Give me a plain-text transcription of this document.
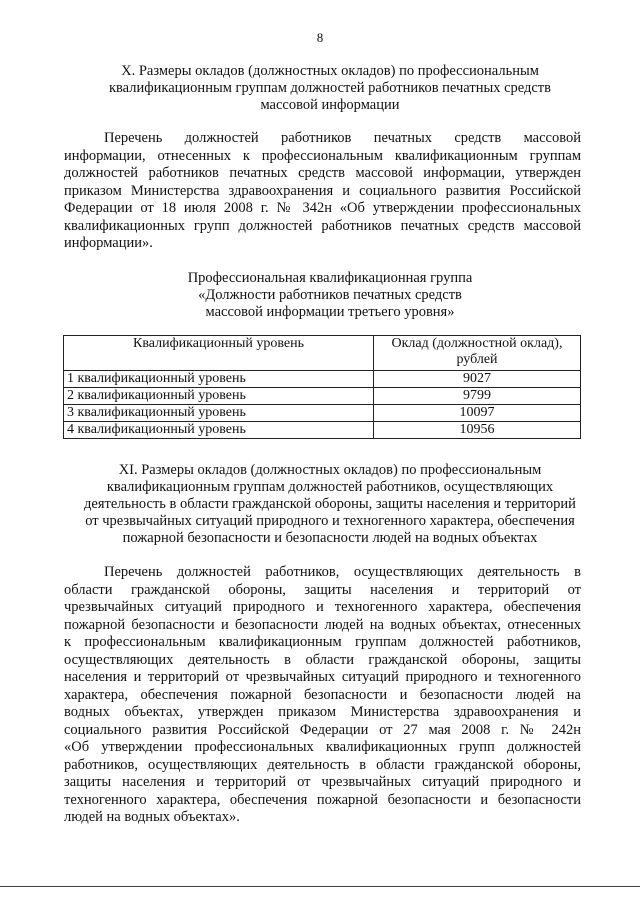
8
X. Размеры окладов (должностных окладов) по профессиональным
квалификационным группам должностей работников печатных средств
массовой информации
Перечень должностей работников печатных средств массовой
информации, отнесенных к профессиональным квалификационным группам
должностей работников печатных средств массовой информации, утвержден
приказом Министерства здравоохранения и социального развития Российской
Федерации от 18 июля 2008 г. № 342н «Об утверждении профессиональных
квалификационных групп должностей работников печатных средств массовой
информации».
Профессиональная квалификационная группа
«Должности работников печатных средств
массовой информации третьего уровня»
Квалификационный уровень	Оклад (должностной оклад),
рублей

1 квалификационный уровень	9027
2 квалификационный уровень	9799
3 квалификационный уровень	10097
4 квалификационный уровень	10956
XI. Размеры окладов (должностных окладов) по профессиональным
квалификационным группам должностей работников, осуществляющих
деятельность в области гражданской обороны, защиты населения и территорий
от чрезвычайных ситуаций природного и техногенного характера, обеспечения
пожарной безопасности и безопасности людей на водных объектах
Перечень должностей работников, осуществляющих деятельность в
области гражданской обороны, защиты населения и территорий от
чрезвычайных ситуаций природного и техногенного характера, обеспечения
пожарной безопасности и безопасности людей на водных объектах, отнесенных
к профессиональным квалификационным группам должностей работников,
осуществляющих деятельность в области гражданской обороны, защиты
населения и территорий от чрезвычайных ситуаций природного и техногенного
характера, обеспечения пожарной безопасности и безопасности людей на
водных объектах, утвержден приказом Министерства здравоохранения и
социального развития Российской Федерации от 27 мая 2008 г. № 242н
«Об утверждении профессиональных квалификационных групп должностей
работников, осуществляющих деятельность в области гражданской обороны,
защиты населения и территорий от чрезвычайных ситуаций природного и
техногенного характера, обеспечения пожарной безопасности и безопасности
людей на водных объектах».
